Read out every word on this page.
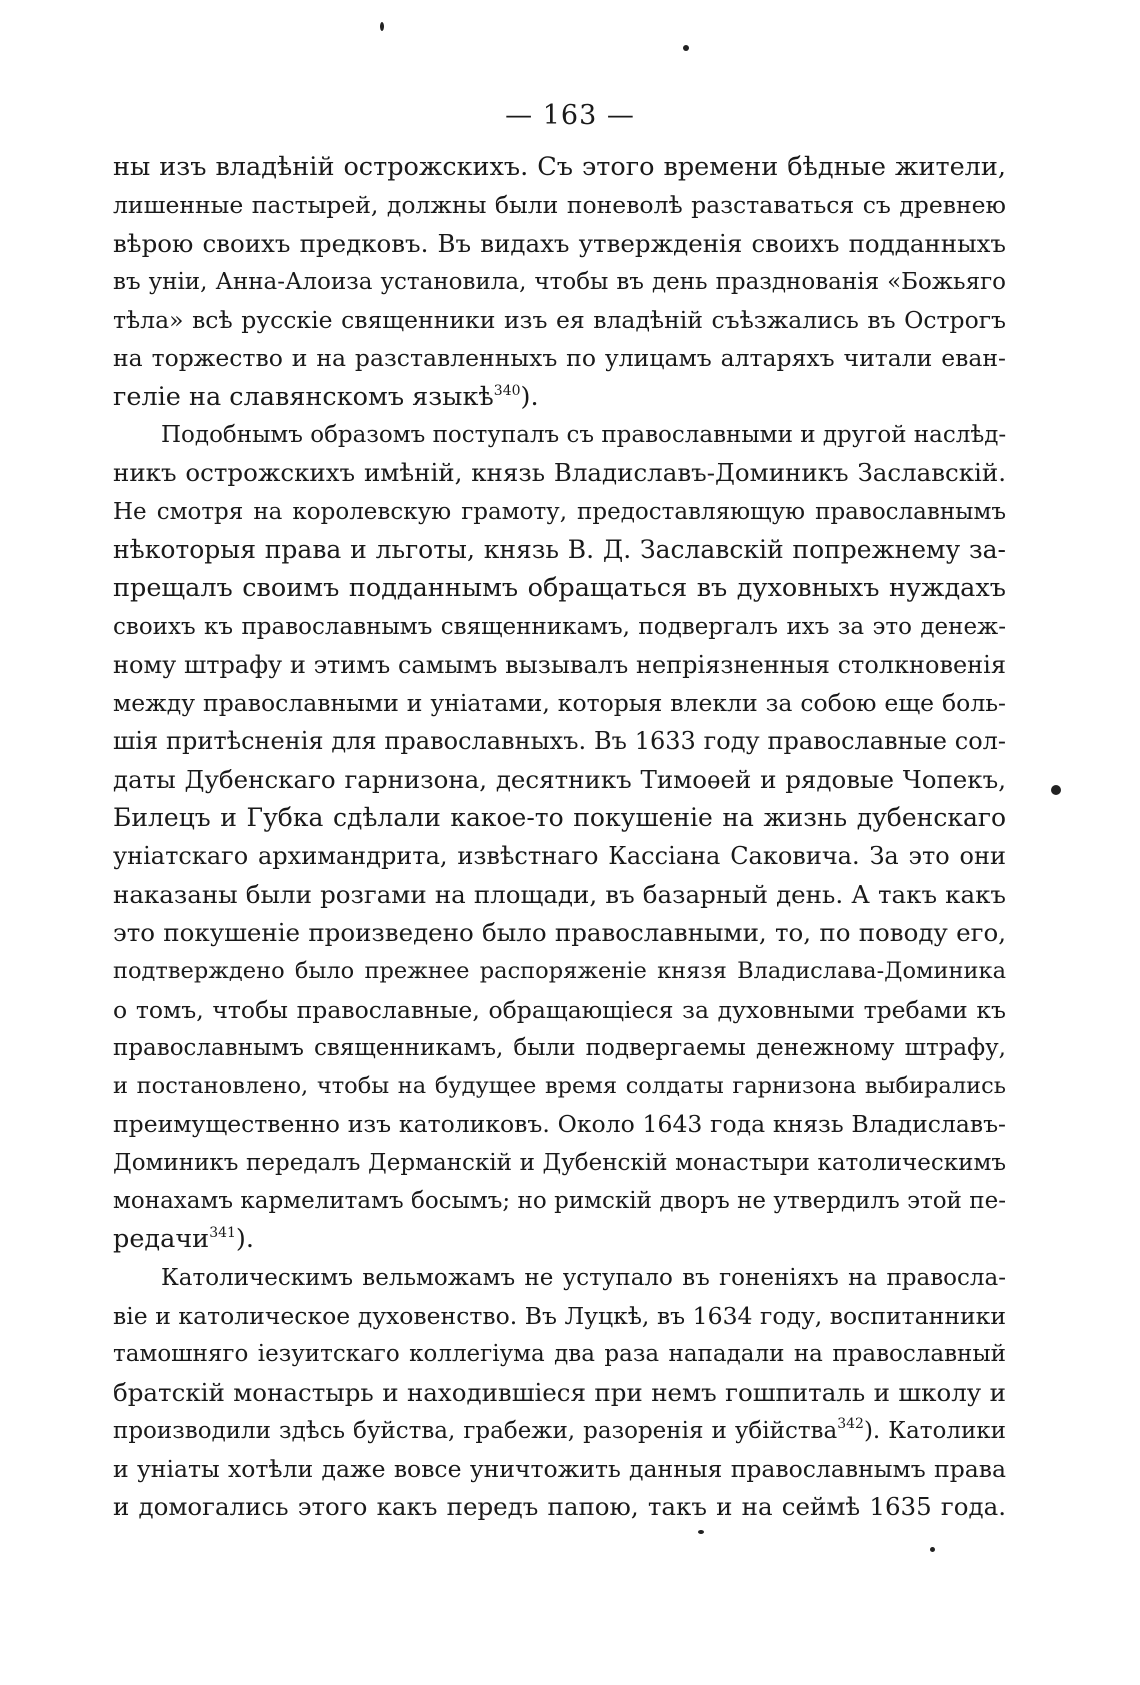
— 163 —
ны изъ владѣній острожскихъ. Съ этого времени бѣдные жители,
лишенные пастырей, должны были поневолѣ разставаться съ древнею
вѣрою своихъ предковъ. Въ видахъ утвержденія своихъ подданныхъ
въ уніи, Анна-Алоиза установила, чтобы въ день празднованія «Божьяго
тѣла» всѣ русскіе священники изъ ея владѣній съѣзжались въ Острогъ
на торжество и на разставленныхъ по улицамъ алтаряхъ читали еван-
геліе на славянскомъ языкѣ$^{340}$).
Подобнымъ образомъ поступалъ съ православными и другой наслѣд-
никъ острожскихъ имѣній, князь Владиславъ-Доминикъ Заславскій.
Не смотря на королевскую грамоту, предоставляющую православнымъ
нѣкоторыя права и льготы, князь В. Д. Заславскій попрежнему за-
прещалъ своимъ подданнымъ обращаться въ духовныхъ нуждахъ
своихъ къ православнымъ священникамъ, подвергалъ ихъ за это денеж-
ному штрафу и этимъ самымъ вызывалъ непріязненныя столкновенія
между православными и уніатами, которыя влекли за собою еще боль-
шія притѣсненія для православныхъ. Въ 1633 году православные сол-
даты Дубенскаго гарнизона, десятникъ Тимоѳей и рядовые Чопекъ,
Билецъ и Губка сдѣлали какое-то покушеніе на жизнь дубенскаго
уніатскаго архимандрита, извѣстнаго Кассіана Саковича. За это они
наказаны были розгами на площади, въ базарный день. А такъ какъ
это покушеніе произведено было православными, то, по поводу его,
подтверждено было прежнее распоряженіе князя Владислава-Доминика
о томъ, чтобы православные, обращающіеся за духовными требами къ
православнымъ священникамъ, были подвергаемы денежному штрафу,
и постановлено, чтобы на будущее время солдаты гарнизона выбирались
преимущественно изъ католиковъ. Около 1643 года князь Владиславъ-
Доминикъ передалъ Дерманскій и Дубенскій монастыри католическимъ
монахамъ кармелитамъ босымъ; но римскій дворъ не утвердилъ этой пе-
редачи$^{341}$).
Католическимъ вельможамъ не уступало въ гоненіяхъ на правосла-
віе и католическое духовенство. Въ Луцкѣ, въ 1634 году, воспитанники
тамошняго іезуитскаго коллегіума два раза нападали на православный
братскій монастырь и находившіеся при немъ гошпиталь и школу и
производили здѣсь буйства, грабежи, разоренія и убійства$^{342}$). Католики
и уніаты хотѣли даже вовсе уничтожить данныя православнымъ права
и домогались этого какъ передъ папою, такъ и на сеймѣ 1635 года.
